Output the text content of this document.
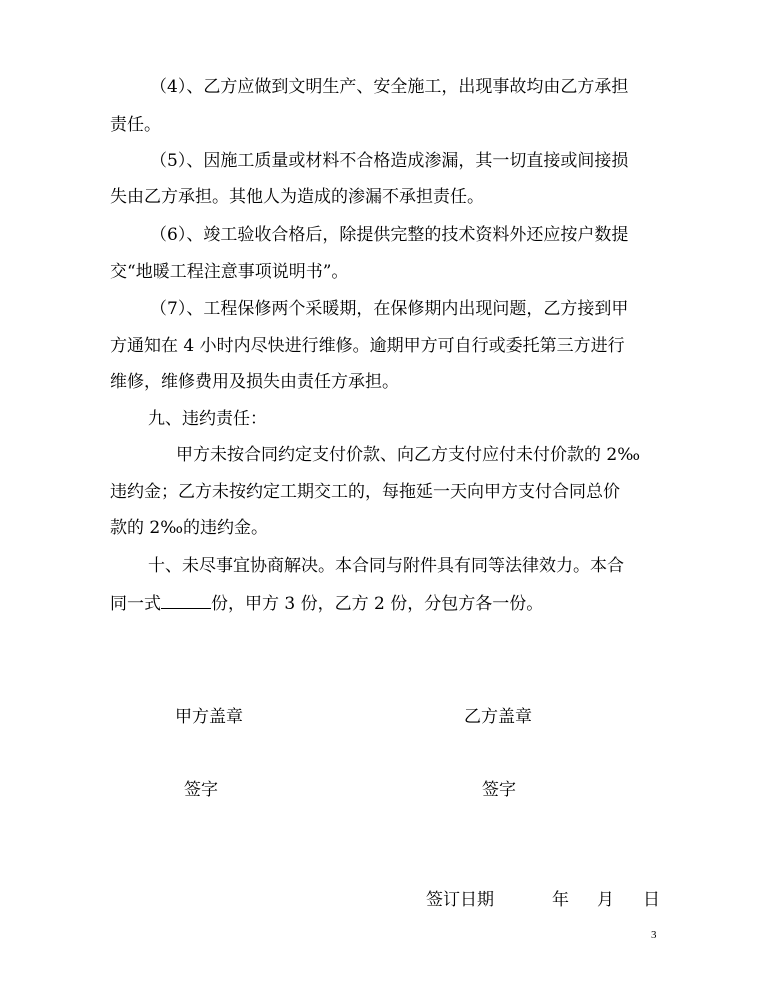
（4）、乙方应做到文明生产、安全施工，出现事故均由乙方承担
责任。
（5）、因施工质量或材料不合格造成渗漏，其一切直接或间接损
失由乙方承担。其他人为造成的渗漏不承担责任。
（6）、竣工验收合格后，除提供完整的技术资料外还应按户数提
交“地暖工程注意事项说明书”。
（7）、工程保修两个采暖期，在保修期内出现问题，乙方接到甲
方通知在 4 小时内尽快进行维修。逾期甲方可自行或委托第三方进行
维修，维修费用及损失由责任方承担。
九、违约责任：
甲方未按合同约定支付价款、向乙方支付应付未付价款的 2‰
违约金；乙方未按约定工期交工的，每拖延一天向甲方支付合同总价
款的 2‰的违约金。
十、未尽事宜协商解决。本合同与附件具有同等法律效力。本合
同一式	份，甲方 3 份，乙方 2 份，分包方各一份。
甲方盖章	乙方盖章
签字	签字
签订日期	年 月 日
3
